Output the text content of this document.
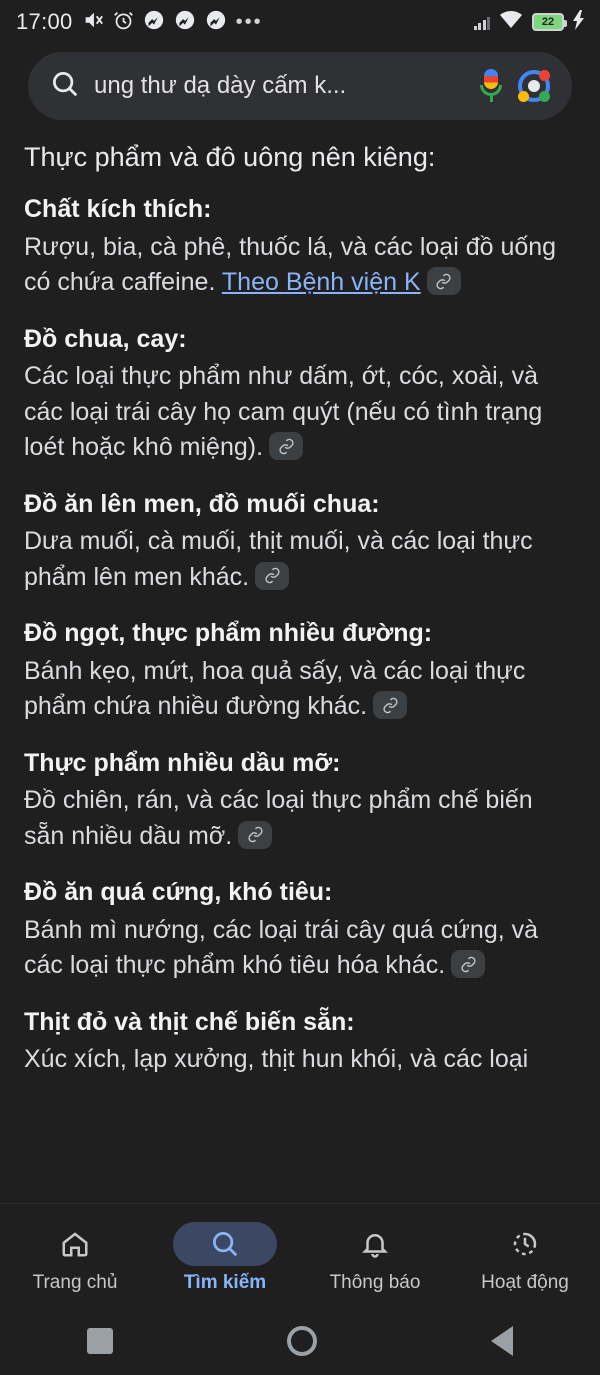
17:00	•••	22
ung thư dạ dày cấm k...
Thực phẩm và đô uông nên kiêng:
Chất kích thích:

Rượu, bia, cà phê, thuốc lá, và các loại đồ uống có chứa caffeine. Theo Bệnh viện K

Đồ chua, cay:

Các loại thực phẩm như dấm, ớt, cóc, xoài, và các loại trái cây họ cam quýt (nếu có tình trạng loét hoặc khô miệng).

Đồ ăn lên men, đồ muối chua:

Dưa muối, cà muối, thịt muối, và các loại thực phẩm lên men khác.

Đồ ngọt, thực phẩm nhiều đường:

Bánh kẹo, mứt, hoa quả sấy, và các loại thực phẩm chứa nhiều đường khác.

Thực phẩm nhiều dầu mỡ:

Đồ chiên, rán, và các loại thực phẩm chế biến sẵn nhiều dầu mỡ.

Đồ ăn quá cứng, khó tiêu:

Bánh mì nướng, các loại trái cây quá cứng, và các loại thực phẩm khó tiêu hóa khác.

Thịt đỏ và thịt chế biến sẵn:

Xúc xích, lạp xưởng, thịt hun khói, và các loại

Trang chủ	Tìm kiếm	Thông báo	Hoạt động
